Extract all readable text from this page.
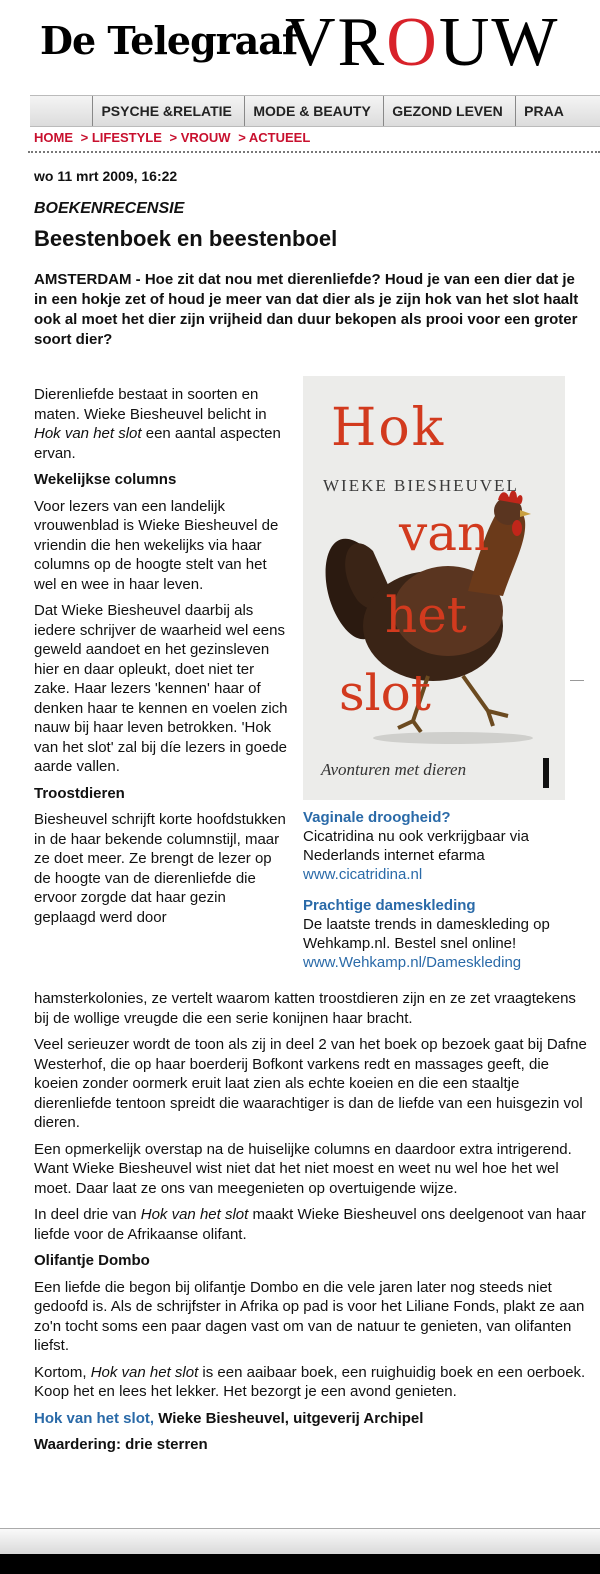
De Telegraaf
VROUW
PSYCHE &RELATIE MODE & BEAUTY GEZOND LEVEN PRAA
HOME > LIFESTYLE > VROUW > ACTUEEL
wo 11 mrt 2009, 16:22
BOEKENRECENSIE
Beestenboek en beestenboel

AMSTERDAM - Hoe zit dat nou met dierenliefde? Houd je van een dier dat je in een hokje zet of houd je meer van dat dier als je zijn hok van het slot haalt ook al moet het dier zijn vrijheid dan duur bekopen als prooi voor een groter soort dier?

Dierenliefde bestaat in soorten en maten. Wieke Biesheuvel belicht in Hok van het slot een aantal aspecten ervan.

Wekelijkse columns

Voor lezers van een landelijk vrouwenblad is Wieke Biesheuvel de vriendin die hen wekelijks via haar columns op de hoogte stelt van het wel en wee in haar leven.

Dat Wieke Biesheuvel daarbij als iedere schrijver de waarheid wel eens geweld aandoet en het gezinsleven hier en daar opleukt, doet niet ter zake. Haar lezers 'kennen' haar of denken haar te kennen en voelen zich nauw bij haar leven betrokken. 'Hok van het slot' zal bij díe lezers in goede aarde vallen.

Troostdieren

Biesheuvel schrijft korte hoofdstukken in de haar bekende columnstijl, maar ze doet meer. Ze brengt de lezer op de hoogte van de dierenliefde die ervoor zorgde dat haar gezin geplaagd werd door

Hok
WIEKE BIESHEUVEL
van
het
slot
Avonturen met dieren
Vaginale droogheid?
Cicatridina nu ook verkrijgbaar via Nederlands internet efarma
www.cicatridina.nl
Prachtige dameskleding
De laatste trends in dameskleding op Wehkamp.nl. Bestel snel online!
www.Wehkamp.nl/Dameskleding

hamsterkolonies, ze vertelt waarom katten troostdieren zijn en ze zet vraagtekens bij de wollige vreugde die een serie konijnen haar bracht.

Veel serieuzer wordt de toon als zij in deel 2 van het boek op bezoek gaat bij Dafne Westerhof, die op haar boerderij Bofkont varkens redt en massages geeft, die koeien zonder oormerk eruit laat zien als echte koeien en die een staaltje dierenliefde tentoon spreidt die waarachtiger is dan de liefde van een huisgezin vol dieren.

Een opmerkelijk overstap na de huiselijke columns en daardoor extra intrigerend. Want Wieke Biesheuvel wist niet dat het niet moest en weet nu wel hoe het wel moet. Daar laat ze ons van meegenieten op overtuigende wijze.

In deel drie van Hok van het slot maakt Wieke Biesheuvel ons deelgenoot van haar liefde voor de Afrikaanse olifant.

Olifantje Dombo

Een liefde die begon bij olifantje Dombo en die vele jaren later nog steeds niet gedoofd is. Als de schrijfster in Afrika op pad is voor het Liliane Fonds, plakt ze aan zo'n tocht soms een paar dagen vast om van de natuur te genieten, van olifanten liefst.

Kortom, Hok van het slot is een aaibaar boek, een ruighuidig boek en een oerboek. Koop het en lees het lekker. Het bezorgt je een avond genieten.

Hok van het slot, Wieke Biesheuvel, uitgeverij Archipel

Waardering: drie sterren
